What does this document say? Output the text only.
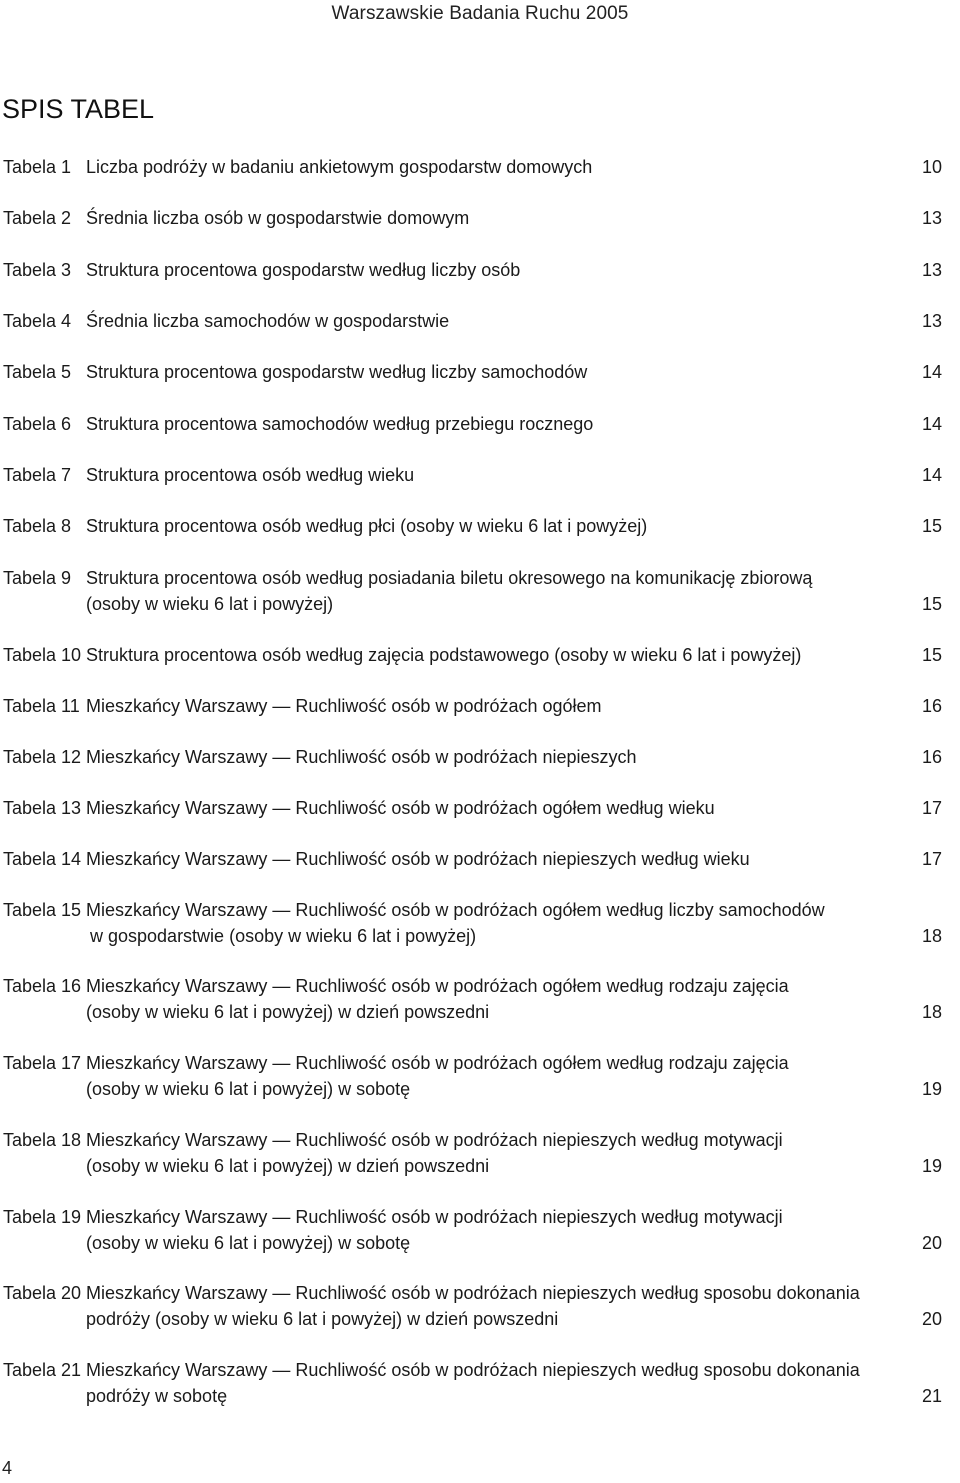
Warszawskie Badania Ruchu 2005
SPIS TABEL
Tabela 1 Liczba podróży w badaniu ankietowym gospodarstw domowych	10
Tabela 2 Średnia liczba osób w gospodarstwie domowym	13
Tabela 3 Struktura procentowa gospodarstw według liczby osób	13
Tabela 4 Średnia liczba samochodów w gospodarstwie	13
Tabela 5 Struktura procentowa gospodarstw według liczby samochodów	14
Tabela 6 Struktura procentowa samochodów według przebiegu rocznego	14
Tabela 7 Struktura procentowa osób według wieku	14
Tabela 8 Struktura procentowa osób według płci (osoby w wieku 6 lat i powyżej)	15
Tabela 9 Struktura procentowa osób według posiadania biletu okresowego na komunikację zbiorową
(osoby w wieku 6 lat i powyżej)	15
Tabela 10 Struktura procentowa osób według zajęcia podstawowego (osoby w wieku 6 lat i powyżej)	15
Tabela 11 Mieszkańcy Warszawy — Ruchliwość osób w podróżach ogółem	16
Tabela 12 Mieszkańcy Warszawy — Ruchliwość osób w podróżach niepieszych	16
Tabela 13 Mieszkańcy Warszawy — Ruchliwość osób w podróżach ogółem według wieku	17
Tabela 14 Mieszkańcy Warszawy — Ruchliwość osób w podróżach niepieszych według wieku	17
Tabela 15 Mieszkańcy Warszawy — Ruchliwość osób w podróżach ogółem według liczby samochodów
w gospodarstwie (osoby w wieku 6 lat i powyżej)	18
Tabela 16 Mieszkańcy Warszawy — Ruchliwość osób w podróżach ogółem według rodzaju zajęcia
(osoby w wieku 6 lat i powyżej) w dzień powszedni	18
Tabela 17 Mieszkańcy Warszawy — Ruchliwość osób w podróżach ogółem według rodzaju zajęcia
(osoby w wieku 6 lat i powyżej) w sobotę	19
Tabela 18 Mieszkańcy Warszawy — Ruchliwość osób w podróżach niepieszych według motywacji
(osoby w wieku 6 lat i powyżej) w dzień powszedni	19
Tabela 19 Mieszkańcy Warszawy — Ruchliwość osób w podróżach niepieszych według motywacji
(osoby w wieku 6 lat i powyżej) w sobotę	20
Tabela 20 Mieszkańcy Warszawy — Ruchliwość osób w podróżach niepieszych według sposobu dokonania
podróży (osoby w wieku 6 lat i powyżej) w dzień powszedni	20
Tabela 21 Mieszkańcy Warszawy — Ruchliwość osób w podróżach niepieszych według sposobu dokonania
podróży w sobotę	21
4
